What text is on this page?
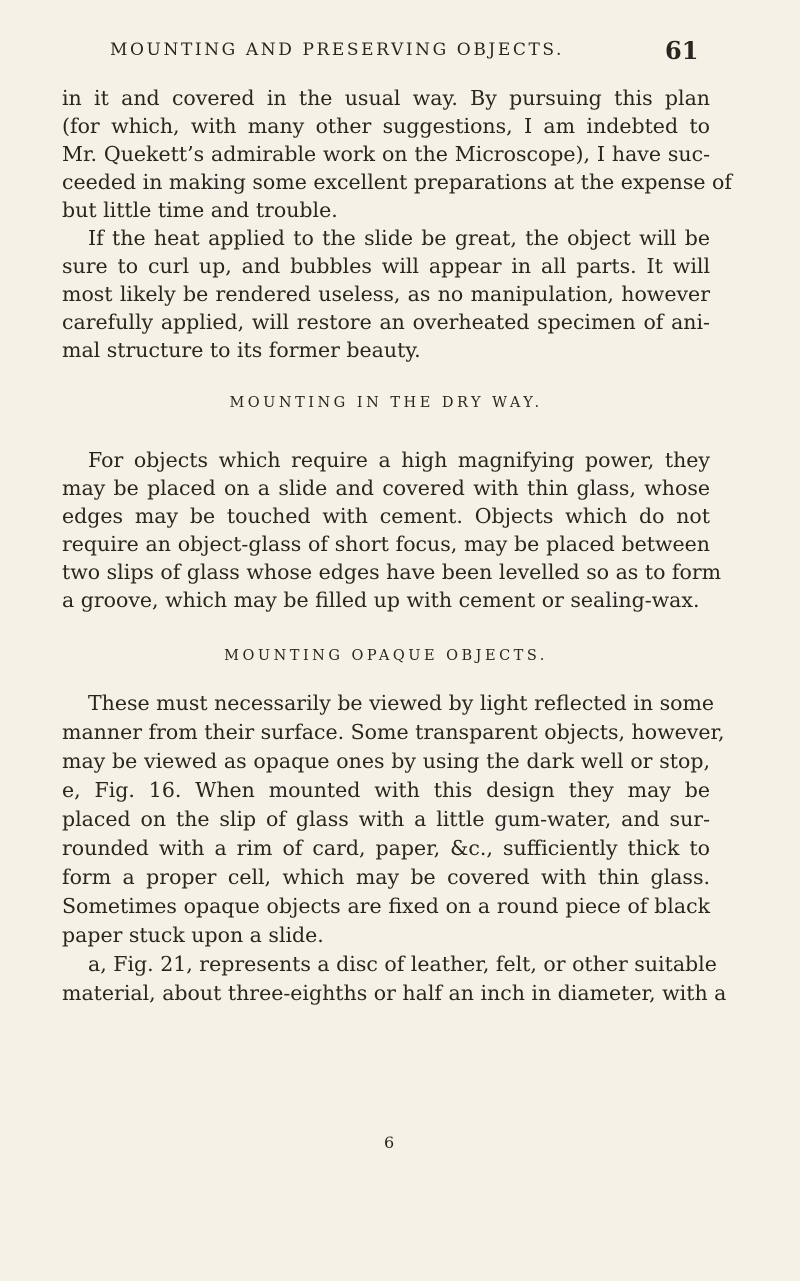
MOUNTING AND PRESERVING OBJECTS.	61
in it and covered in the usual way. By pursuing this plan
(for which, with many other suggestions, I am indebted to
Mr. Quekett’s admirable work on the Microscope), I have suc-
ceeded in making some excellent preparations at the expense of
but little time and trouble.
If the heat applied to the slide be great, the object will be
sure to curl up, and bubbles will appear in all parts. It will
most likely be rendered useless, as no manipulation, however
carefully applied, will restore an overheated specimen of ani-
mal structure to its former beauty.
MOUNTING IN THE DRY WAY.
For objects which require a high magnifying power, they
may be placed on a slide and covered with thin glass, whose
edges may be touched with cement. Objects which do not
require an object-glass of short focus, may be placed between
two slips of glass whose edges have been levelled so as to form
a groove, which may be filled up with cement or sealing-wax.
MOUNTING OPAQUE OBJECTS.
These must necessarily be viewed by light reflected in some
manner from their surface. Some transparent objects, however,
may be viewed as opaque ones by using the dark well or stop,
e, Fig. 16. When mounted with this design they may be
placed on the slip of glass with a little gum-water, and sur-
rounded with a rim of card, paper, &c., sufficiently thick to
form a proper cell, which may be covered with thin glass.
Sometimes opaque objects are fixed on a round piece of black
paper stuck upon a slide.
a, Fig. 21, represents a disc of leather, felt, or other suitable
material, about three-eighths or half an inch in diameter, with a
6
